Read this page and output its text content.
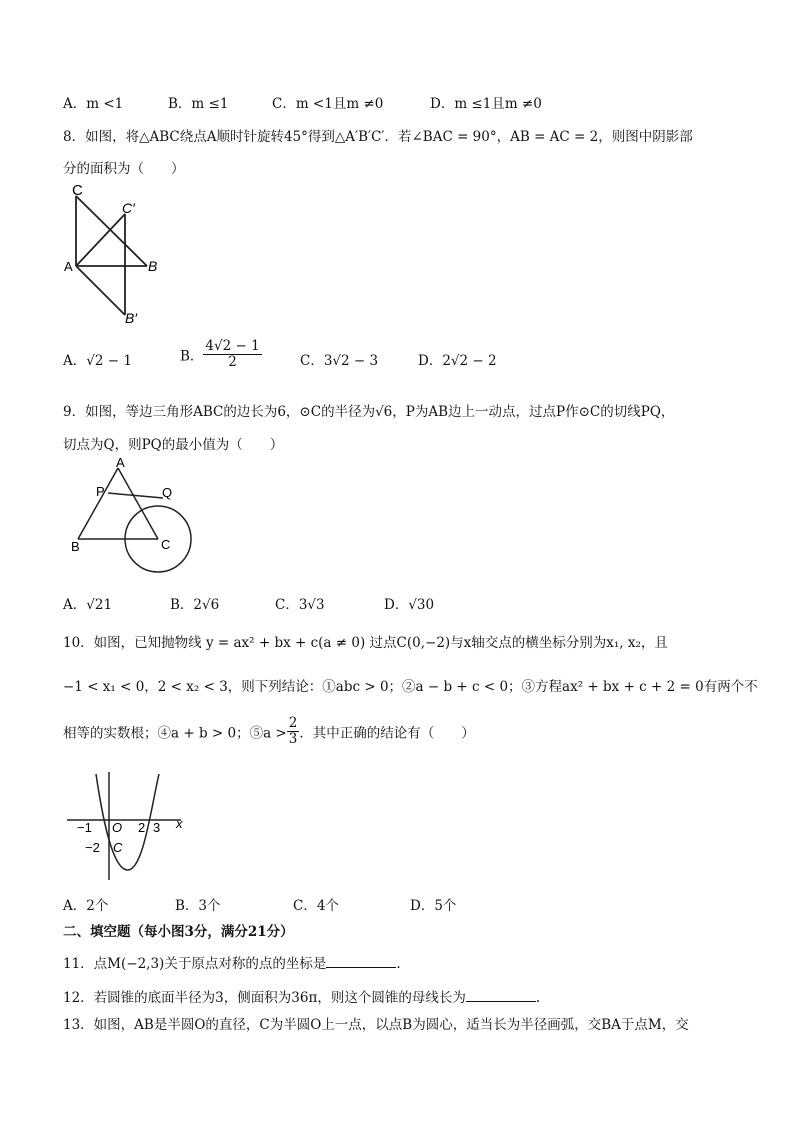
A．m <1	B．m ≤1	C．m <1且m ≠0	D．m ≤1且m ≠0
8．如图，将△ABC绕点A顺时针旋转45°得到△A′B′C′．若∠BAC = 90°，AB = AC = 2，则图中阴影部
分的面积为（　　）
C
C′
A	B
B′
A．√2 − 1	B． $\frac{4√2 - 1}{2}$	C．3√2 − 3	D．2√2 − 2
9．如图，等边三角形ABC的边长为6，⊙C的半径为√6，P为AB边上一动点，过点P作⊙C的切线PQ，
切点为Q，则PQ的最小值为（　　）
A
P	Q
B	C
A．√21	B．2√6	C．3√3	D．√30
10．如图，已知抛物线 y = ax² + bx + c(a ≠ 0) 过点C(0,−2)与x轴交点的横坐标分别为x₁, x₂，且
−1 < x₁ < 0，2 < x₂ < 3，则下列结论：①abc > 0；②a − b + c < 0；③方程ax² + bx + c + 2 = 0有两个不
相等的实数根；④a + b > 0；⑤a > $\frac{2}{3}$ ．其中正确的结论有（　　）
−1 O 2 3 x
−2 C
A．2个	B．3个	C．4个	D．5个
二、填空题（每小图3分，满分21分）
11．点M(−2,3)关于原点对称的点的坐标是	.
12．若圆锥的底面半径为3，侧面积为36π，则这个圆锥的母线长为	.
13．如图，AB是半圆O的直径，C为半圆O上一点，以点B为圆心，适当长为半径画弧，交BA于点M，交
